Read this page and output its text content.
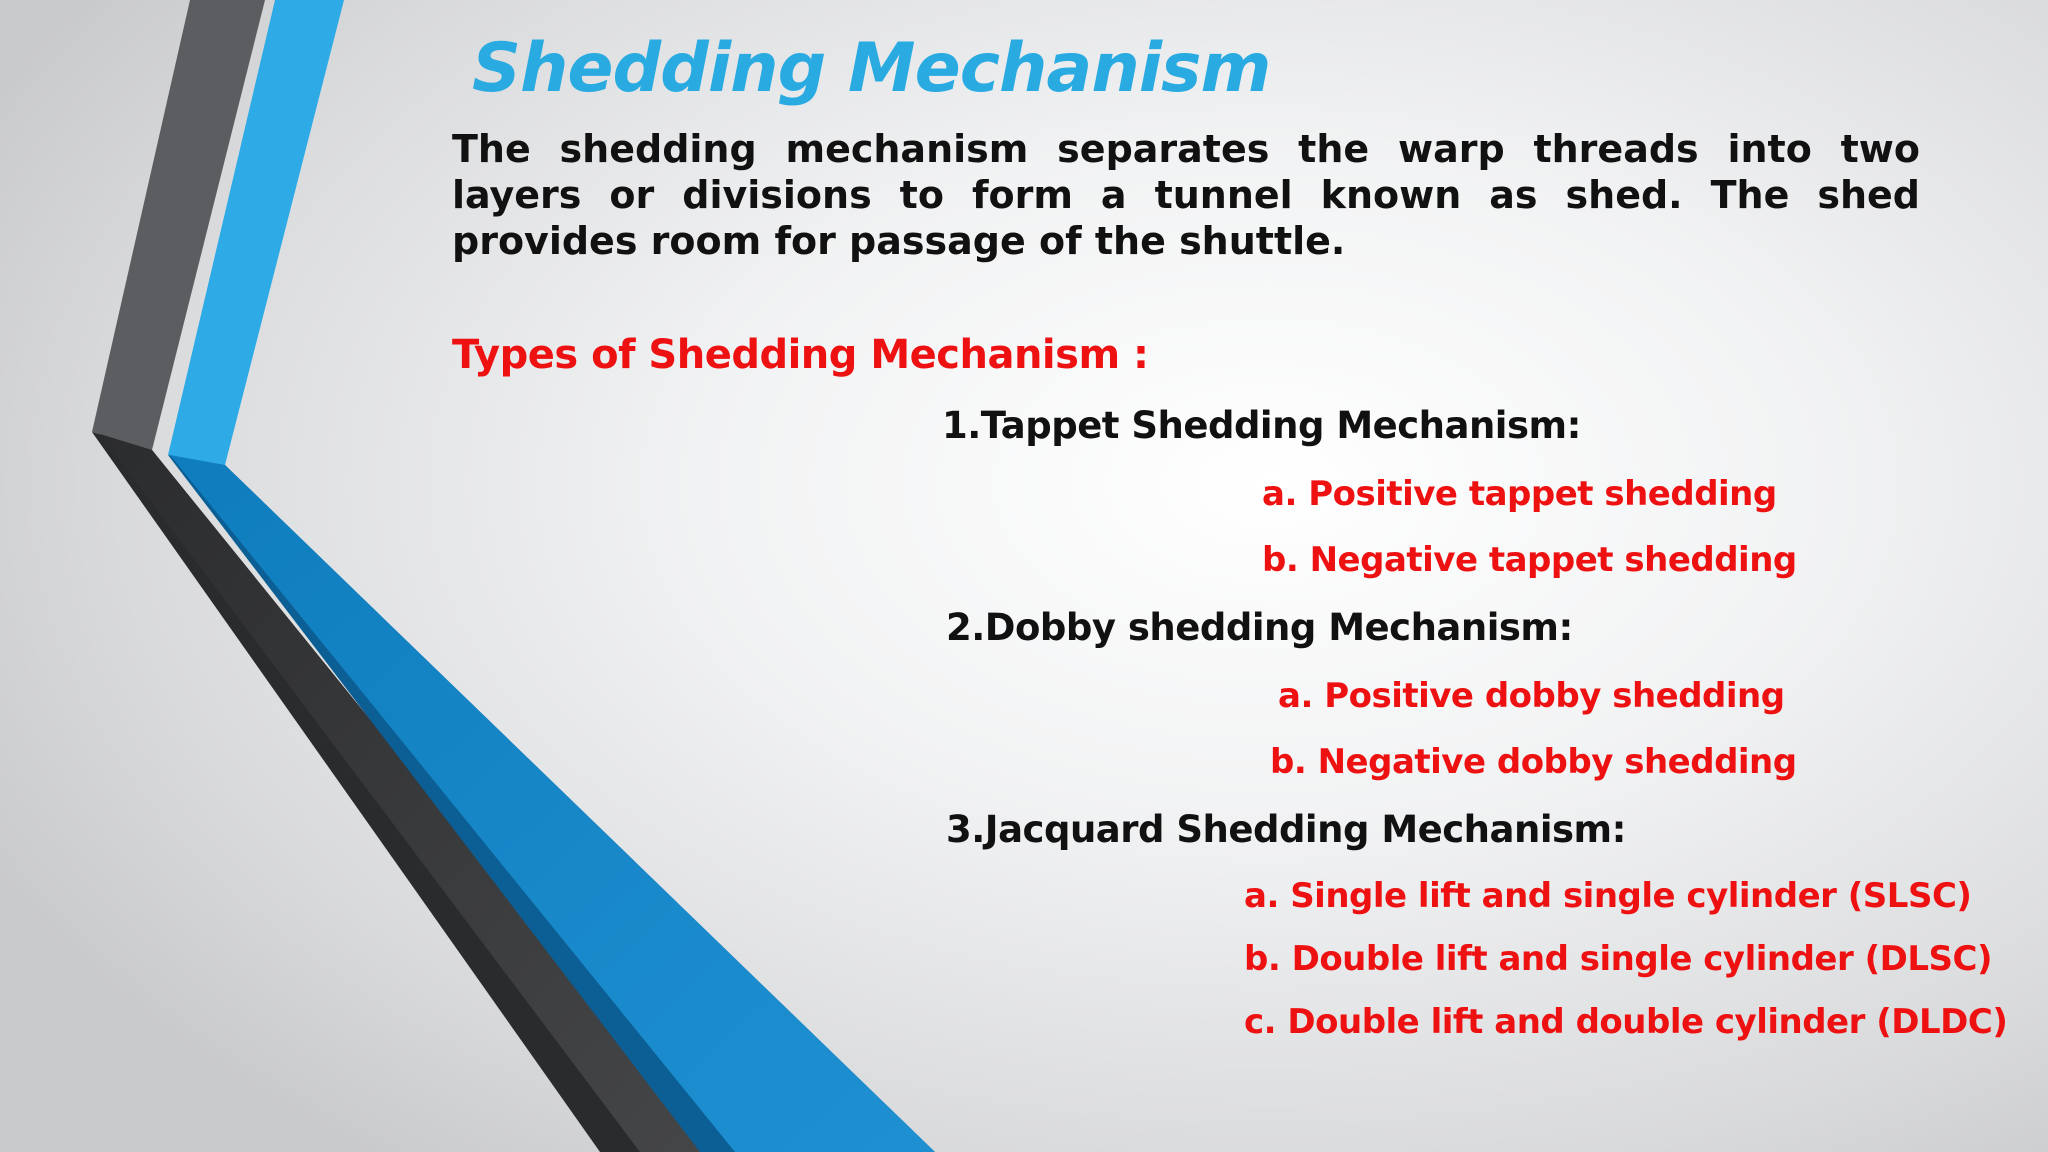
Shedding Mechanism

The shedding mechanism separates the warp threads into two layers or divisions to form a tunnel known as shed. The shed provides room for passage of the shuttle.

Types of Shedding Mechanism :

1.Tappet Shedding Mechanism:

a. Positive tappet shedding

b. Negative tappet shedding

2.Dobby shedding Mechanism:

a. Positive dobby shedding

b. Negative dobby shedding

3.Jacquard Shedding Mechanism:

a. Single lift and single cylinder (SLSC)

b. Double lift and single cylinder (DLSC)

c. Double lift and double cylinder (DLDC)
